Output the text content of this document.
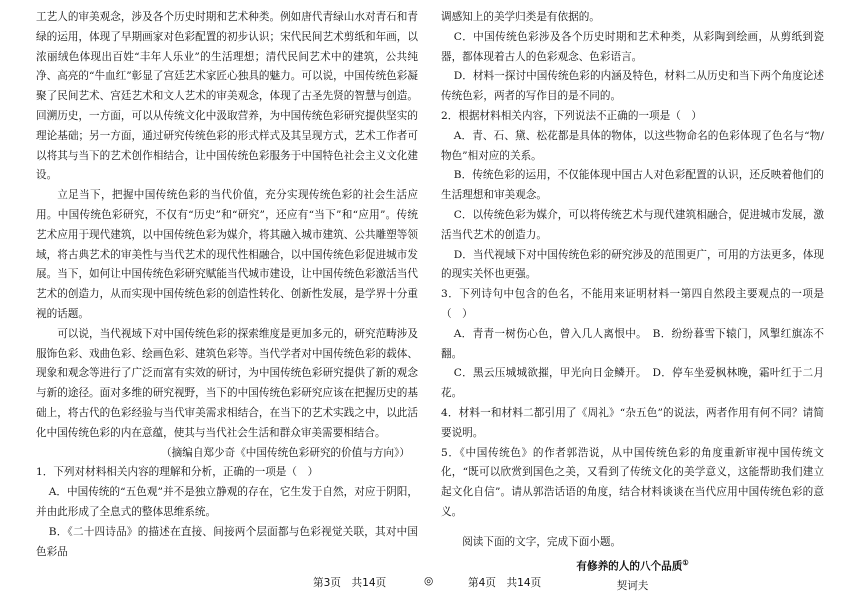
工艺人的审美观念，涉及各个历史时期和艺术种类。例如唐代青绿山水对青石和青绿的运用，体现了早期画家对色彩配置的初步认识；宋代民间艺术剪纸和年画，以浓丽绒色体现出百姓“丰年人乐业”的生活理想；清代民间艺术中的建筑，公共纯净、高亮的“牛血红”彰显了宫廷艺术家匠心独具的魅力。可以说，中国传统色彩凝聚了民间艺术、宫廷艺术和文人艺术的审美观念，体现了古圣先贤的智慧与创造。回溯历史，一方面，可以从传统文化中汲取营养，为中国传统色彩研究提供坚实的理论基础；另一方面，通过研究传统色彩的形式样式及其呈现方式，艺术工作者可以将其与当下的艺术创作相结合，让中国传统色彩服务于中国特色社会主义文化建设。

立足当下，把握中国传统色彩的当代价值，充分实现传统色彩的社会生活应用。中国传统色彩研究，不仅有“历史”和“研究”，还应有“当下”和“应用”。传统艺术应用于现代建筑，以中国传统色彩为媒介，将其融入城市建筑、公共雕塑等领域，将古典艺术的审美性与当代艺术的现代性相融合，以中国传统色彩促进城市发展。当下，如何让中国传统色彩研究赋能当代城市建设，让中国传统色彩激活当代艺术的创造力，从而实现中国传统色彩的创造性转化、创新性发展，是学界十分重视的话题。

可以说，当代视域下对中国传统色彩的探索维度是更加多元的，研究范畴涉及服饰色彩、戏曲色彩、绘画色彩、建筑色彩等。当代学者对中国传统色彩的载体、现象和观念等进行了广泛而富有实效的研讨，为中国传统色彩研究提供了新的观念与新的途径。面对多维的研究视野，当下的中国传统色彩研究应该在把握历史的基础上，将古代的色彩经验与当代审美需求相结合，在当下的艺术实践之中，以此活化中国传统色彩的内在意蕴，使其与当代社会生活和群众审美需要相结合。

（摘编自郑少奇《中国传统色彩研究的价值与方向》）

1．下列对材料相关内容的理解和分析，正确的一项是（　）

A．中国传统的“五色观”并不是独立静观的存在，它生发于自然，对应于阴阳，并由此形成了全息式的整体思维系统。

B．《二十四诗品》的描述在直接、间接两个层面都与色彩视觉关联，其对中国色彩品

调感知上的美学归类是有依据的。

C．中国传统色彩涉及各个历史时期和艺术种类，从彩陶到绘画，从剪纸到瓷器，都体现着古人的色彩观念、色彩语言。

D．材料一探讨中国传统色彩的内涵及特色，材料二从历史和当下两个角度论述传统色彩，两者的写作目的是不同的。

2．根据材料相关内容，下列说法不正确的一项是（　）

A．青、石、黛、松花都是具体的物体，以这些物命名的色彩体现了色名与“物/物色”相对应的关系。

B．传统色彩的运用，不仅能体现中国古人对色彩配置的认识，还反映着他们的生活理想和审美观念。

C．以传统色彩为媒介，可以将传统艺术与现代建筑相融合，促进城市发展，激活当代艺术的创造力。

D．当代视域下对中国传统色彩的研究涉及的范围更广，可用的方法更多，体现的现实关怀也更强。

3．下列诗句中包含的色名，不能用来证明材料一第四自然段主要观点的一项是（　）

A．青青一树伤心色，曾入几人离恨中。　B．纷纷暮雪下辕门，风掣红旗冻不翻。

C．黑云压城城欲摧，甲光向日金鳞开。　D．停车坐爱枫林晚，霜叶红于二月花。

4．材料一和材料二都引用了《周礼》“杂五色”的说法，两者作用有何不同？请简要说明。

5．《中国传统色》的作者郭浩说，从中国传统色彩的角度重新审视中国传统文化，“既可以欣赏到国色之美，又看到了传统文化的美学意义，这能帮助我们建立起文化自信”。请从郭浩话语的角度，结合材料谈谈在当代应用中国传统色彩的意义。

阅读下面的文字，完成下面小题。

有修养的人的八个品质①

契诃夫

第3页　共14页	◎	第4页　共14页
